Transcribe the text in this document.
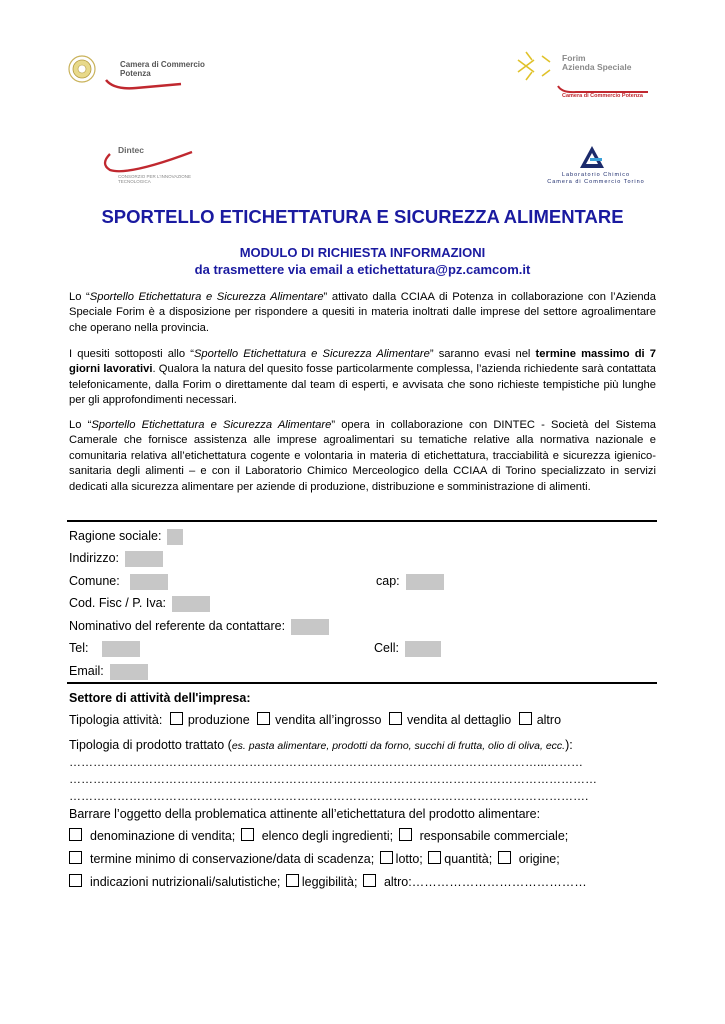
Camera di Commercio
Potenza
Forim
Azienda Speciale
Camera di Commercio Potenza
Dintec
CONSORZIO PER L'INNOVAZIONE
TECNOLOGICA
Laboratorio Chimico
Camera di Commercio Torino
SPORTELLO ETICHETTATURA E SICUREZZA ALIMENTARE
MODULO DI RICHIESTA INFORMAZIONI
da trasmettere via email a etichettatura@pz.camcom.it

Lo “Sportello Etichettatura e Sicurezza Alimentare” attivato dalla CCIAA di Potenza in collaborazione con l’Azienda Speciale Forim è a disposizione per rispondere a quesiti in materia inoltrati dalle imprese del settore agroalimentare che operano nella provincia.

I quesiti sottoposti allo “Sportello Etichettatura e Sicurezza Alimentare” saranno evasi nel termine massimo di 7 giorni lavorativi. Qualora la natura del quesito fosse particolarmente complessa, l’azienda richiedente sarà contattata telefonicamente, dalla Forim o direttamente dal team di esperti, e avvisata che sono richieste tempistiche più lunghe per gli approfondimenti necessari.

Lo “Sportello Etichettatura e Sicurezza Alimentare” opera in collaborazione con DINTEC - Società del Sistema Camerale che fornisce assistenza alle imprese agroalimentari su tematiche relative alla normativa nazionale e comunitaria relativa all’etichettatura cogente e volontaria in materia di etichettatura, tracciabilità e sicurezza igienico-sanitaria degli alimenti – e con il Laboratorio Chimico Merceologico della CCIAA di Torino specializzato in servizi dedicati alla sicurezza alimentare per aziende di produzione, distribuzione e somministrazione di alimenti.

Ragione sociale:
Indirizzo:
Comune:	cap:
Cod. Fisc / P. Iva:
Nominativo del referente da contattare:
Tel:	Cell:
Email:
Settore di attività dell'impresa:
Tipologia attività: produzione vendita all’ingrosso vendita al dettaglio altro
Tipologia di prodotto trattato (es. pasta alimentare, prodotti da forno, succhi di frutta, olio di oliva, ecc.):
………………………………………………………………………………………………………...………
……………………………………………………………………………………………………………………
………………………………………………………………………………………………………………….
Barrare l’oggetto della problematica attinente all’etichettatura del prodotto alimentare:
denominazione di vendita; elenco degli ingredienti; responsabile commerciale;
termine minimo di conservazione/data di scadenza; lotto; quantità; origine;
indicazioni nutrizionali/salutistiche; leggibilità; altro:……………………………………
